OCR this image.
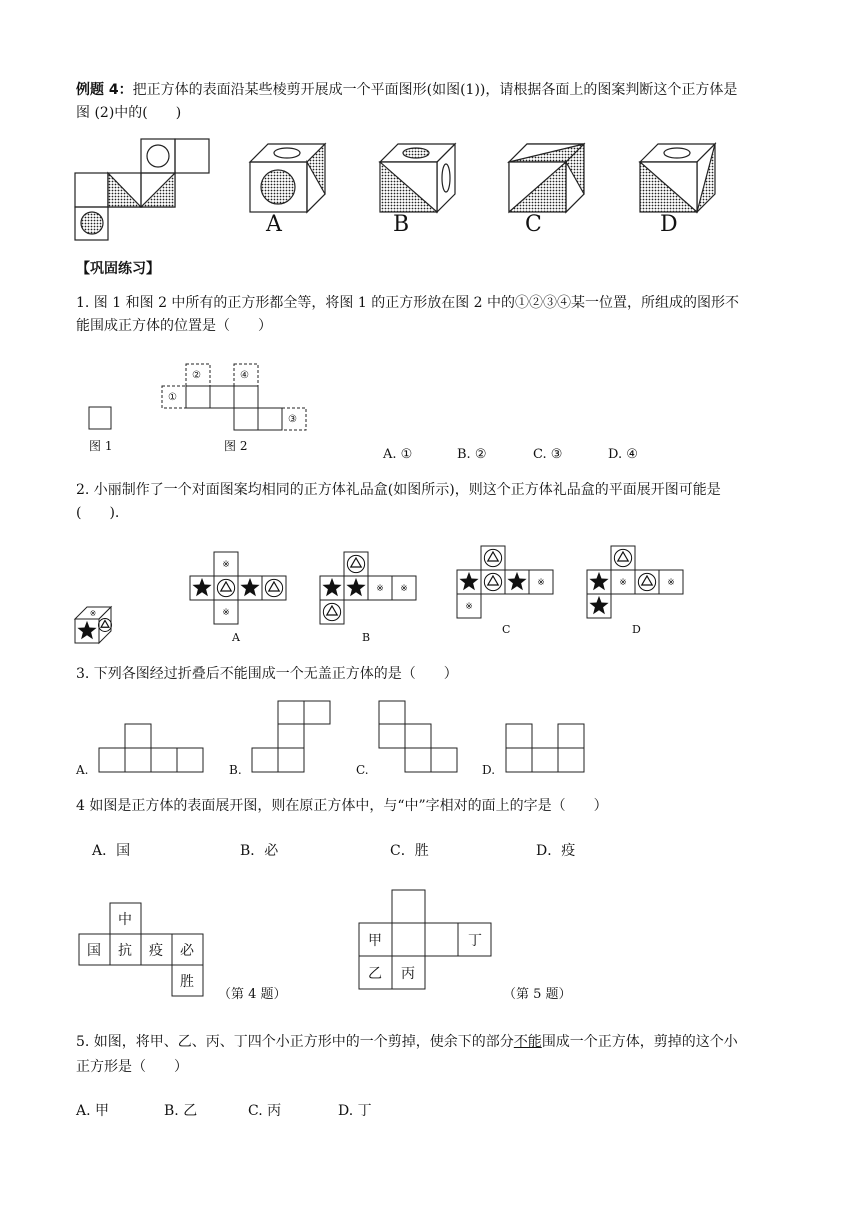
例题 4：把正方体的表面沿某些棱剪开展成一个平面图形(如图(1))，请根据各面上的图案判断这个正方体是
图 (2)中的(　　)
A	B	C	D
【巩固练习】
1. 图 1 和图 2 中所有的正方形都全等，将图 1 的正方形放在图 2 中的①②③④某一位置，所组成的图形不
能围成正方体的位置是（　　）
①
②
③
④
图 1	图 2
A. ①	B. ②	C. ③	D. ④
2. 小丽制作了一个对面图案均相同的正方体礼品盒(如图所示)，则这个正方体礼品盒的平面展开图可能是
(　　).
※
※
※
※ ※
※
※
※	※
A	B
C	D
3. 下列各图经过折叠后不能围成一个无盖正方体的是（　　）
A.	B.	C.	D.
4 如图是正方体的表面展开图，则在原正方体中，与“中”字相对的面上的字是（　　）
A．国	B．必	C．胜	D．疫
中
国 抗 疫 必
胜
（第 4 题）
甲	丁
乙 丙
（第 5 题）
5. 如图，将甲、乙、丙、丁四个小正方形中的一个剪掉，使余下的部分不能围成一个正方体，剪掉的这个小
正方形是（　　）
A. 甲	B. 乙	C. 丙	D. 丁
